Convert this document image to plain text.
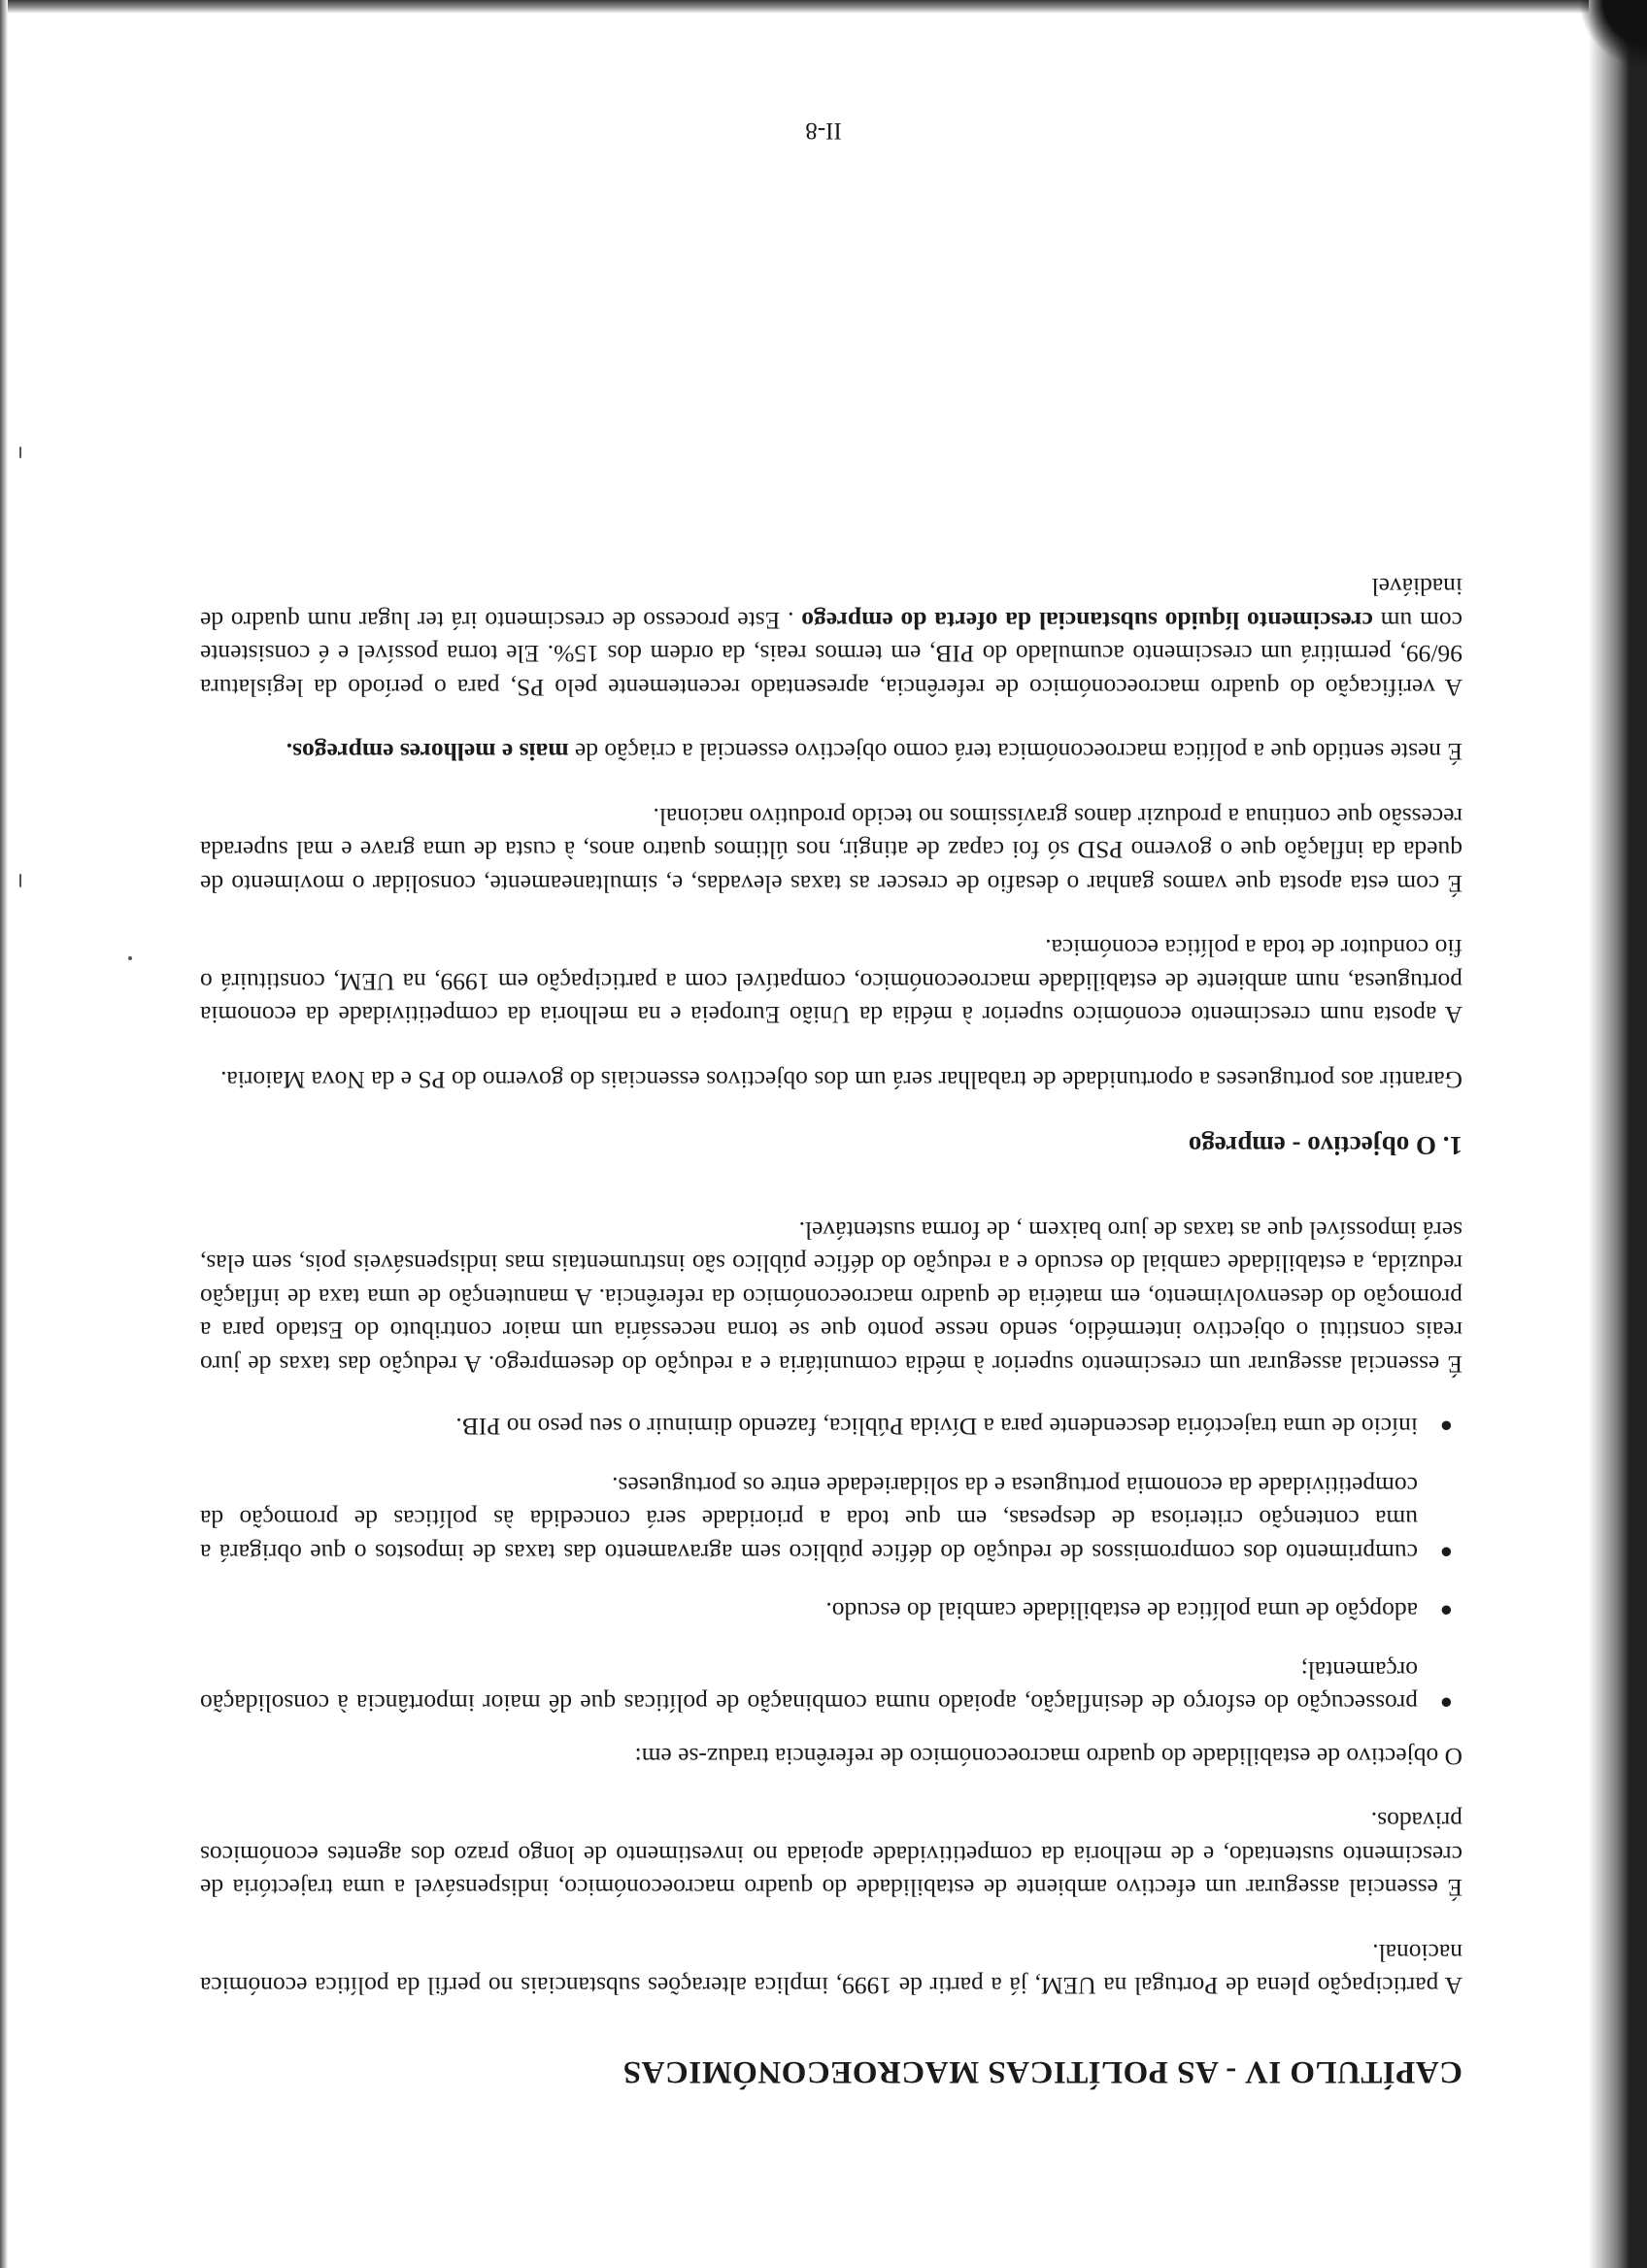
CAPÍTULO IV - AS POLÍTICAS MACROECONÓMICAS

A participação plena de Portugal na UEM, já a partir de 1999, implica alterações substanciais no perfil da política económica nacional.

É essencial assegurar um efectivo ambiente de estabilidade do quadro macroeconómico, indispensável a uma trajectória de crescimento sustentado, e de melhoria da competitividade apoiada no investimento de longo prazo dos agentes económicos privados.

O objectivo de estabilidade do quadro macroeconómico de referência traduz-se em:

●
prossecução do esforço de desinflação, apoiado numa combinação de políticas que dê maior importância à consolidação orçamental;
●
adopção de uma política de estabilidade cambial do escudo.
●
cumprimento dos compromissos de redução do défice público sem agravamento das taxas de impostos o que obrigará a uma contenção criteriosa de despesas, em que toda a prioridade será concedida às políticas de promoção da competitividade da economia portuguesa e da solidariedade entre os portugueses.
●
início de uma trajectória descendente para a Dívida Pública, fazendo diminuir o seu peso no PIB.

É essencial assegurar um crescimento superior à média comunitária e a redução do desemprego. A redução das taxas de juro reais constitui o objectivo intermédio, sendo nesse ponto que se torna necessária um maior contributo do Estado para a promoção do desenvolvimento, em matéria de quadro macroeconómico da referência. A manutenção de uma taxa de inflação reduzida, a estabilidade cambial do escudo e a redução do défice público são instrumentais mas indispensáveis pois, sem elas, será impossível que as taxas de juro baixem , de forma sustentável.

1. O objectivo - emprego

Garantir aos portugueses a oportunidade de trabalhar será um dos objectivos essenciais do governo do PS e da Nova Maioria.

A aposta num crescimento económico superior à média da União Europeia e na melhoria da competitividade da economia portuguesa, num ambiente de estabilidade macroeconómico, compatível com a participação em 1999, na UEM, constituirá o fio condutor de toda a política económica.

É com esta aposta que vamos ganhar o desafio de crescer as taxas elevadas, e, simultaneamente, consolidar o movimento de queda da inflação que o governo PSD só foi capaz de atingir, nos últimos quatro anos, à custa de uma grave e mal superada recessão que continua a produzir danos gravíssimos no tecido produtivo nacional.

É neste sentido que a política macroeconómica terá como objectivo essencial a criação de mais e melhores empregos.

A verificação do quadro macroeconómico de referência, apresentado recentemente pelo PS, para o período da legislatura 96/99, permitirá um crescimento acumulado do PIB, em termos reais, da ordem dos 15%. Ele torna possível e é consistente com um crescimento líquido substancial da oferta do emprego . Este processo de crescimento irá ter lugar num quadro de inadiável

II-8
